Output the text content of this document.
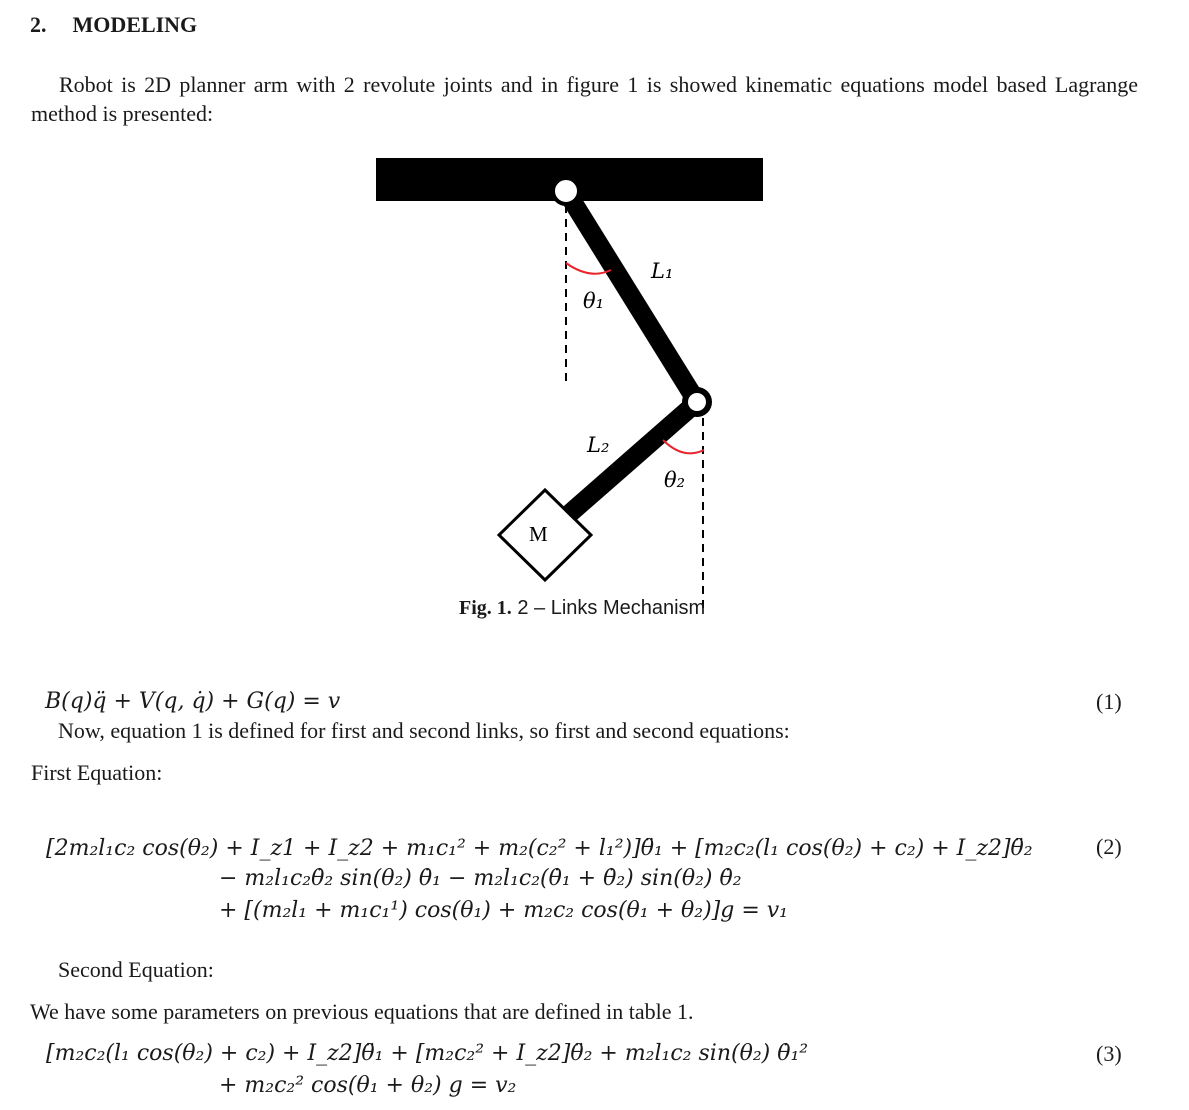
2. MODELING
Robot is 2D planner arm with 2 revolute joints and in figure 1 is showed kinematic equations model based Lagrange method is presented:
L₁
θ₁
L₂
θ₂
M
Fig. 1. 2 – Links Mechanism
B(q)q̈ + V(q, q̇) + G(q) = v	(1)
Now, equation 1 is defined for first and second links, so first and second equations:
First Equation:
[2m₂l₁c₂ cos(θ₂) + I_z1 + I_z2 + m₁c₁² + m₂(c₂² + l₁²)]θ̈₁ + [m₂c₂(l₁ cos(θ₂) + c₂) + I_z2]θ̈₂
− m₂l₁c₂θ̇₂ sin(θ₂) θ̇₁ − m₂l₁c₂(θ̇₁ + θ̇₂) sin(θ₂) θ̇₂
+ [(m₂l₁ + m₁c₁¹) cos(θ₁) + m₂c₂ cos(θ₁ + θ₂)]g = v₁
(2)
Second Equation:
We have some parameters on previous equations that are defined in table 1.
[m₂c₂(l₁ cos(θ₂) + c₂) + I_z2]θ̈₁ + [m₂c₂² + I_z2]θ̈₂ + m₂l₁c₂ sin(θ₂) θ̇₁²
+ m₂c₂² cos(θ₁ + θ₂) g = v₂
(3)
